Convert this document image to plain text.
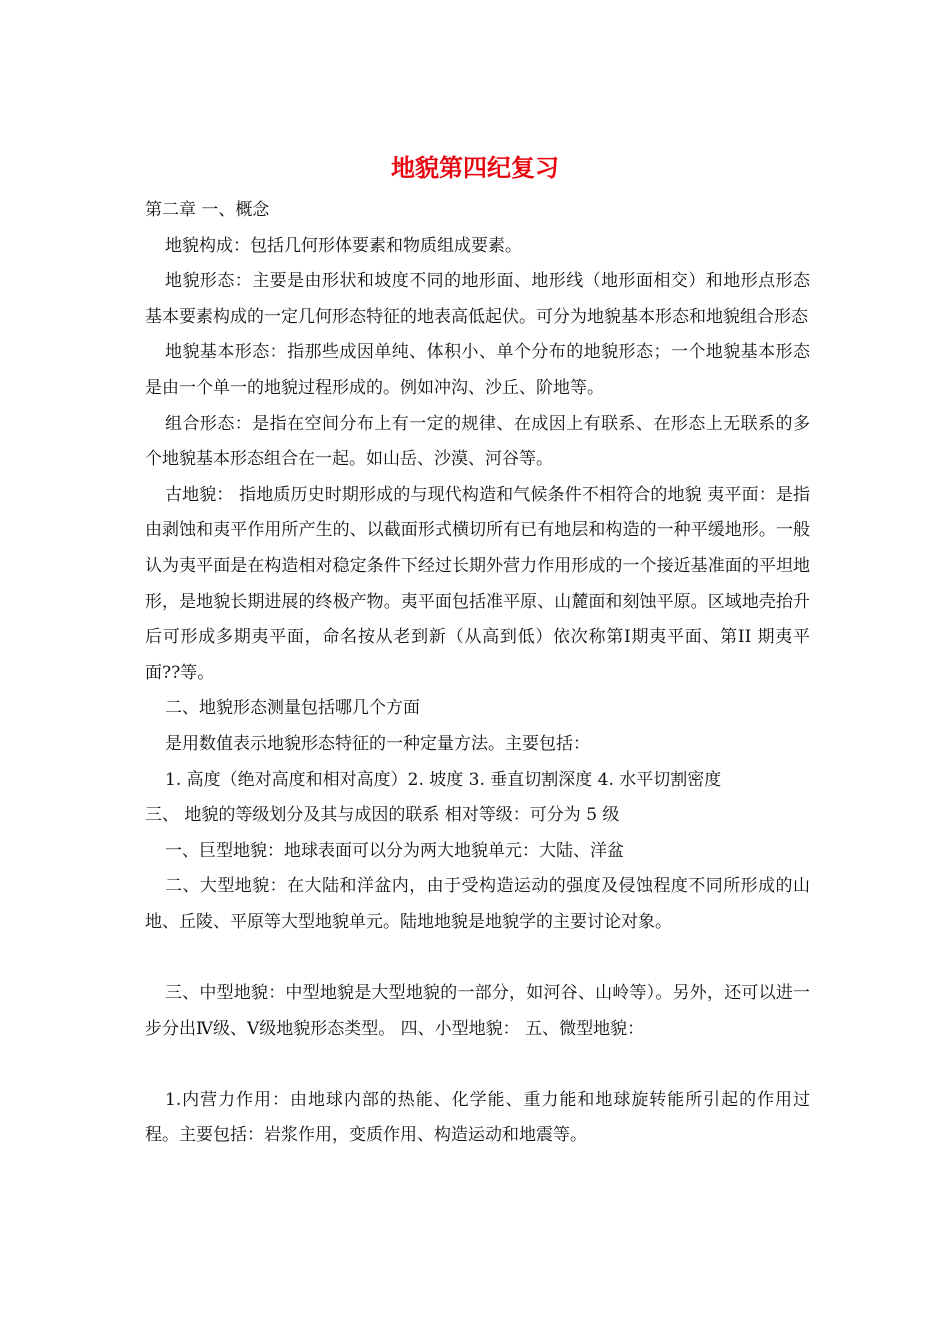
地貌第四纪复习

第二章 一、概念

地貌构成：包括几何形体要素和物质组成要素。

地貌形态：主要是由形状和坡度不同的地形面、地形线（地形面相交）和地形点形态基本要素构成的一定几何形态特征的地表高低起伏。可分为地貌基本形态和地貌组合形态

地貌基本形态：指那些成因单纯、体积小、单个分布的地貌形态；一个地貌基本形态是由一个单一的地貌过程形成的。例如冲沟、沙丘、阶地等。

组合形态：是指在空间分布上有一定的规律、在成因上有联系、在形态上无联系的多个地貌基本形态组合在一起。如山岳、沙漠、河谷等。

古地貌： 指地质历史时期形成的与现代构造和气候条件不相符合的地貌 夷平面：是指由剥蚀和夷平作用所产生的、以截面形式横切所有已有地层和构造的一种平缓地形。一般认为夷平面是在构造相对稳定条件下经过长期外营力作用形成的一个接近基准面的平坦地形，是地貌长期进展的终极产物。夷平面包括准平原、山麓面和刻蚀平原。区域地壳抬升后可形成多期夷平面，命名按从老到新（从高到低）依次称第Ⅰ期夷平面、第II 期夷平面??等。

二、地貌形态测量包括哪几个方面

是用数值表示地貌形态特征的一种定量方法。主要包括：

1. 高度（绝对高度和相对高度）2. 坡度 3. 垂直切割深度 4. 水平切割密度

三、 地貌的等级划分及其与成因的联系 相对等级：可分为 5 级

一、巨型地貌：地球表面可以分为两大地貌单元：大陆、洋盆

二、大型地貌：在大陆和洋盆内，由于受构造运动的强度及侵蚀程度不同所形成的山地、丘陵、平原等大型地貌单元。陆地地貌是地貌学的主要讨论对象。

三、中型地貌：中型地貌是大型地貌的一部分，如河谷、山岭等）。另外，还可以进一步分出Ⅳ级、Ⅴ级地貌形态类型。 四、小型地貌： 五、微型地貌：

1.内营力作用：由地球内部的热能、化学能、重力能和地球旋转能所引起的作用过程。主要包括：岩浆作用，变质作用、构造运动和地震等。
